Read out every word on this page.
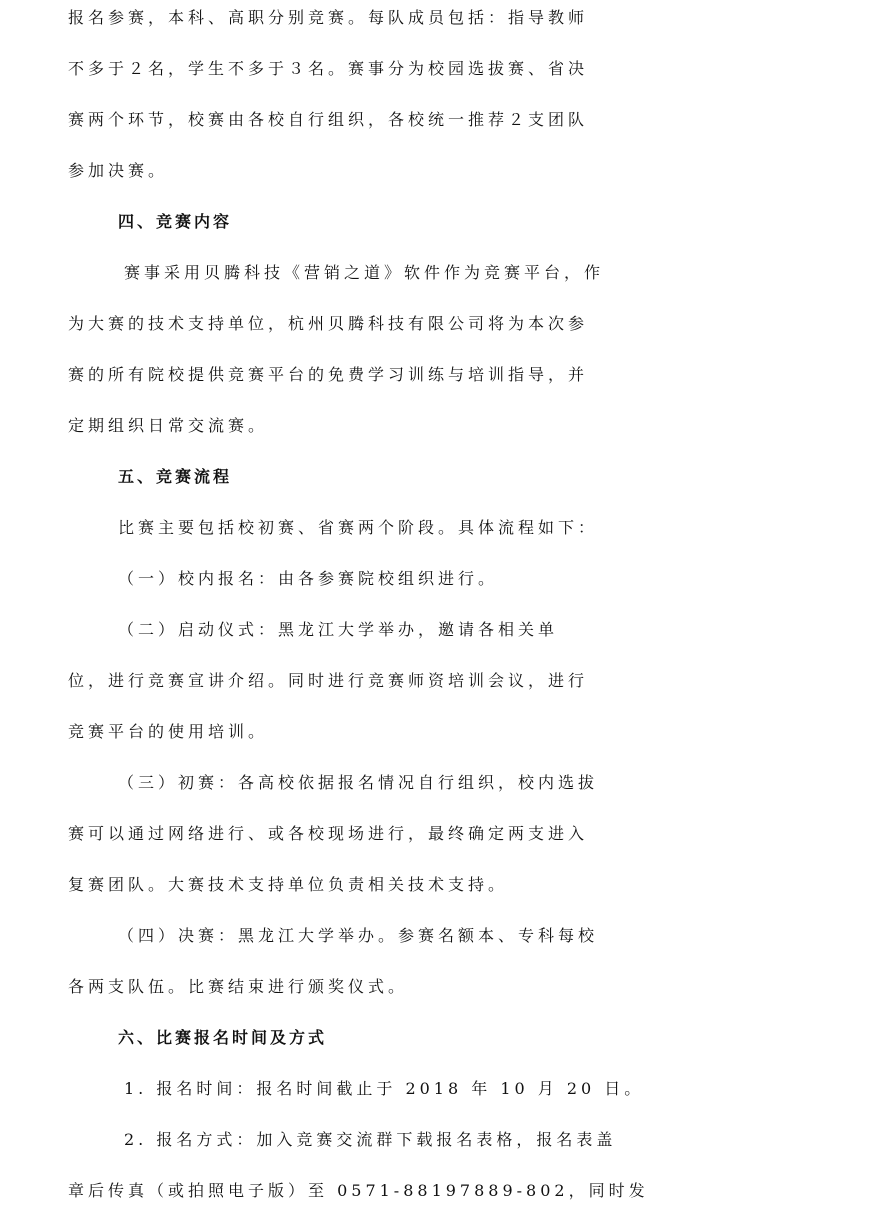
报名参赛，本科、高职分别竞赛。每队成员包括：指导教师
不多于２名，学生不多于３名。赛事分为校园选拔赛、省决
赛两个环节，校赛由各校自行组织，各校统一推荐２支团队
参加决赛。
四、竞赛内容
赛事采用贝腾科技《营销之道》软件作为竞赛平台，作
为大赛的技术支持单位，杭州贝腾科技有限公司将为本次参
赛的所有院校提供竞赛平台的免费学习训练与培训指导，并
定期组织日常交流赛。
五、竞赛流程
比赛主要包括校初赛、省赛两个阶段。具体流程如下：
（一）校内报名：由各参赛院校组织进行。
（二）启动仪式：黑龙江大学举办，邀请各相关单
位，进行竞赛宣讲介绍。同时进行竞赛师资培训会议，进行
竞赛平台的使用培训。
（三）初赛：各高校依据报名情况自行组织，校内选拔
赛可以通过网络进行、或各校现场进行，最终确定两支进入
复赛团队。大赛技术支持单位负责相关技术支持。
（四）决赛：黑龙江大学举办。参赛名额本、专科每校
各两支队伍。比赛结束进行颁奖仪式。
六、比赛报名时间及方式
1. 报名时间：报名时间截止于 2018 年 10 月 20 日。
2. 报名方式：加入竞赛交流群下载报名表格，报名表盖
章后传真（或拍照电子版）至 0571-88197889-802，同时发
